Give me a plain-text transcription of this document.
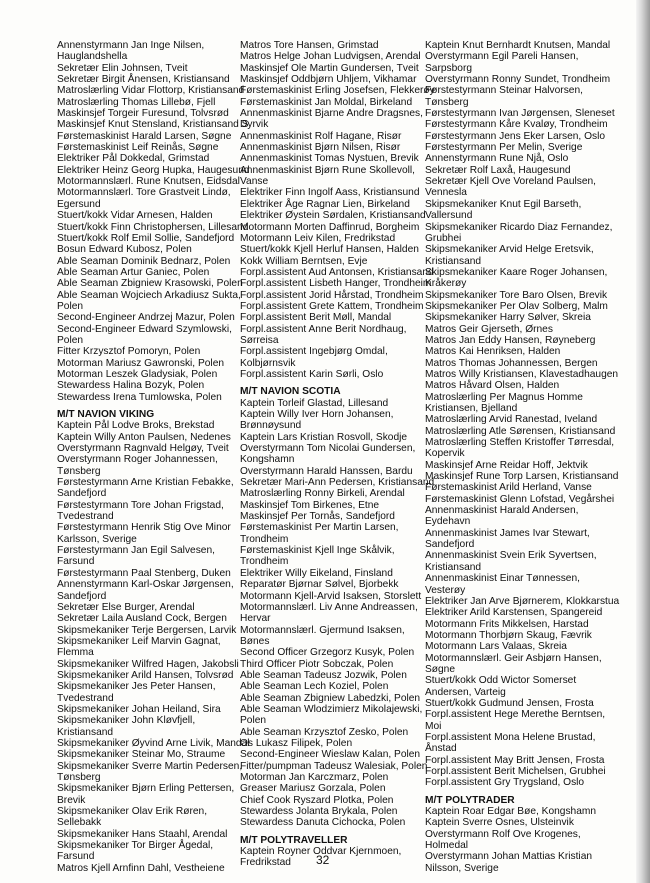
Annenstyrmann Jan Inge Nilsen,
Hauglandshella
Sekretær Elin Johnsen, Tveit
Sekretær Birgit Ånensen, Kristiansand
Matroslærling Vidar Flottorp, Kristiansand
Matroslærling Thomas Lillebø, Fjell
Maskinsjef Torgeir Furesund, Tolvsrød
Maskinsjef Knut Stensland, Kristiansand S
Førstemaskinist Harald Larsen, Søgne
Førstemaskinist Leif Reinås, Søgne
Elektriker Pål Dokkedal, Grimstad
Elektriker Heinz Georg Hupka, Haugesund
Motormannslærl. Rune Knutsen, Eidsdal
Motormannslærl. Tore Grastveit Lindø,
Egersund
Stuert/kokk Vidar Arnesen, Halden
Stuert/kokk Finn Christophersen, Lillesand
Stuert/kokk Rolf Emil Sollie, Sandefjord
Bosun Edward Kubosz, Polen
Able Seaman Dominik Bednarz, Polen
Able Seaman Artur Ganiec, Polen
Able Seaman Zbigniew Krasowski, Polen
Able Seaman Wojciech Arkadiusz Sukta,
Polen
Second-Engineer Andrzej Mazur, Polen
Second-Engineer Edward Szymlowski,
Polen
Fitter Krzysztof Pomoryn, Polen
Motorman Mariusz Gawronski, Polen
Motorman Leszek Gladysiak, Polen
Stewardess Halina Bozyk, Polen
Stewardess Irena Tumlowska, Polen
M/T NAVION VIKING
Kaptein Pål Lodve Broks, Brekstad
Kaptein Willy Anton Paulsen, Nedenes
Overstyrmann Ragnvald Helgøy, Tveit
Overstyrmann Roger Johannessen,
Tønsberg
Førstestyrmann Arne Kristian Febakke,
Sandefjord
Førstestyrmann Tore Johan Frigstad,
Tvedestrand
Førstestyrmann Henrik Stig Ove Minor
Karlsson, Sverige
Førstestyrmann Jan Egil Salvesen,
Farsund
Førstestyrmann Paal Stenberg, Duken
Annenstyrmann Karl-Oskar Jørgensen,
Sandefjord
Sekretær Else Burger, Arendal
Sekretær Laila Ausland Cock, Bergen
Skipsmekaniker Terje Bergersen, Larvik
Skipsmekaniker Leif Marvin Gagnat,
Flemma
Skipsmekaniker Wilfred Hagen, Jakobsli
Skipsmekaniker Arild Hansen, Tolvsrød
Skipsmekaniker Jes Peter Hansen,
Tvedestrand
Skipsmekaniker Johan Heiland, Sira
Skipsmekaniker John Kløvfjell,
Kristiansand
Skipsmekaniker Øyvind Arne Livik, Mandal
Skipsmekaniker Steinar Mo, Straume
Skipsmekaniker Sverre Martin Pedersen,
Tønsberg
Skipsmekaniker Bjørn Erling Pettersen,
Brevik
Skipsmekaniker Olav Erik Røren,
Sellebakk
Skipsmekaniker Hans Staahl, Arendal
Skipsmekaniker Tor Birger Ågedal,
Farsund
Matros Kjell Arnfinn Dahl, Vestheiene
Matros Tore Hansen, Grimstad
Matros Helge Johan Ludvigsen, Arendal
Maskinsjef Ole Martin Gundersen, Tveit
Maskinsjef Oddbjørn Uhljem, Vikhamar
Førstemaskinist Erling Josefsen, Flekkerøy
Førstemaskinist Jan Moldal, Birkeland
Annenmaskinist Bjarne Andre Dragsnes,
Dyrvik
Annenmaskinist Rolf Hagane, Risør
Annenmaskinist Bjørn Nilsen, Risør
Annenmaskinist Tomas Nystuen, Brevik
Annenmaskinist Bjørn Rune Skollevoll,
Vanse
Elektriker Finn Ingolf Aass, Kristiansund
Elektriker Åge Ragnar Lien, Birkeland
Elektriker Øystein Sørdalen, Kristiansand
Motormann Morten Daffinrud, Borgheim
Motormann Leiv Kilen, Fredrikstad
Stuert/kokk Kjell Herluf Hansen, Halden
Kokk William Berntsen, Evje
Forpl.assistent Aud Antonsen, Kristiansand
Forpl.assistent Lisbeth Hanger, Trondheim
Forpl.assistent Jorid Hårstad, Trondheim
Forpl.assistent Grete Kattem, Trondheim
Forpl.assistent Berit Møll, Mandal
Forpl.assistent Anne Berit Nordhaug,
Sørreisa
Forpl.assistent Ingebjørg Omdal,
Kolbjørnsvik
Forpl.assistent Karin Sørli, Oslo
M/T NAVION SCOTIA
Kaptein Torleif Glastad, Lillesand
Kaptein Willy Iver Horn Johansen,
Brønnøysund
Kaptein Lars Kristian Rosvoll, Skodje
Overstyrmann Tom Nicolai Gundersen,
Kongshamn
Overstyrmann Harald Hanssen, Bardu
Sekretær Mari-Ann Pedersen, Kristiansand
Matroslærling Ronny Birkeli, Arendal
Maskinsjef Tom Birkenes, Etne
Maskinsjef Per Tornås, Sandefjord
Førstemaskinist Per Martin Larsen,
Trondheim
Førstemaskinist Kjell Inge Skålvik,
Trondheim
Elektriker Willy Eikeland, Finsland
Reparatør Bjørnar Sølvel, Bjorbekk
Motormann Kjell-Arvid Isaksen, Storslett
Motormannslærl. Liv Anne Andreassen,
Hervar
Motormannslærl. Gjermund Isaksen,
Bønes
Second Officer Grzegorz Kusyk, Polen
Third Officer Piotr Sobczak, Polen
Able Seaman Tadeusz Jozwik, Polen
Able Seaman Lech Koziel, Polen
Able Seaman Zbigniew Labedzki, Polen
Able Seaman Wlodzimierz Mikolajewski,
Polen
Able Seaman Krzysztof Zesko, Polen
Os Lukasz Filipek, Polen
Second-Engineer Wieslaw Kalan, Polen
Fitter/pumpman Tadeusz Walesiak, Polen
Motorman Jan Karczmarz, Polen
Greaser Mariusz Gorzala, Polen
Chief Cook Ryszard Plotka, Polen
Stewardess Jolanta Brykala, Polen
Stewardess Danuta Cichocka, Polen
M/T POLYTRAVELLER
Kaptein Royner Oddvar Kjernmoen,
Fredrikstad
Kaptein Knut Bernhardt Knutsen, Mandal
Overstyrmann Egil Pareli Hansen,
Sarpsborg
Overstyrmann Ronny Sundet, Trondheim
Førstestyrmann Steinar Halvorsen,
Tønsberg
Førstestyrmann Ivan Jørgensen, Sleneset
Førstestyrmann Kåre Kvaløy, Trondheim
Førstestyrmann Jens Eker Larsen, Oslo
Førstestyrmann Per Melin, Sverige
Annenstyrmann Rune Njå, Oslo
Sekretær Rolf Laxå, Haugesund
Sekretær Kjell Ove Voreland Paulsen,
Vennesla
Skipsmekaniker Knut Egil Barseth,
Vallersund
Skipsmekaniker Ricardo Diaz Fernandez,
Grubhei
Skipsmekaniker Arvid Helge Eretsvik,
Kristiansand
Skipsmekaniker Kaare Roger Johansen,
Kråkerøy
Skipsmekaniker Tore Baro Olsen, Brevik
Skipsmekaniker Per Olav Solberg, Malm
Skipsmekaniker Harry Sølver, Skreia
Matros Geir Gjerseth, Ørnes
Matros Jan Eddy Hansen, Røyneberg
Matros Kai Henriksen, Halden
Matros Thomas Johannessen, Bergen
Matros Willy Kristiansen, Klavestadhaugen
Matros Håvard Olsen, Halden
Matroslærling Per Magnus Homme
Kristiansen, Bjelland
Matroslærling Arvid Ranestad, Iveland
Matroslærling Atle Sørensen, Kristiansand
Matroslærling Steffen Kristoffer Tørresdal,
Kopervik
Maskinsjef Arne Reidar Hoff, Jektvik
Maskinsjef Rune Torp Larsen, Kristiansand
Førstemaskinist Arild Herland, Vanse
Førstemaskinist Glenn Lofstad, Vegårshei
Annenmaskinist Harald Andersen,
Eydehavn
Annenmaskinist James Ivar Stewart,
Sandefjord
Annenmaskinist Svein Erik Syvertsen,
Kristiansand
Annenmaskinist Einar Tønnessen,
Vesterøy
Elektriker Jan Arve Bjørnerem, Klokkarstua
Elektriker Arild Karstensen, Spangereid
Motormann Frits Mikkelsen, Harstad
Motormann Thorbjørn Skaug, Fævrik
Motormann Lars Valaas, Skreia
Motormannslærl. Geir Asbjørn Hansen,
Søgne
Stuert/kokk Odd Wictor Somerset
Andersen, Varteig
Stuert/kokk Gudmund Jensen, Frosta
Forpl.assistent Hege Merethe Berntsen,
Moi
Forpl.assistent Mona Helene Brustad,
Ånstad
Forpl.assistent May Britt Jensen, Frosta
Forpl.assistent Berit Michelsen, Grubhei
Forpl.assistent Gry Trygsland, Oslo
M/T POLYTRADER
Kaptein Roar Edgar Bøe, Kongshamn
Kaptein Sverre Osnes, Ulsteinvik
Overstyrmann Rolf Ove Krogenes,
Holmedal
Overstyrmann Johan Mattias Kristian
Nilsson, Sverige
32
